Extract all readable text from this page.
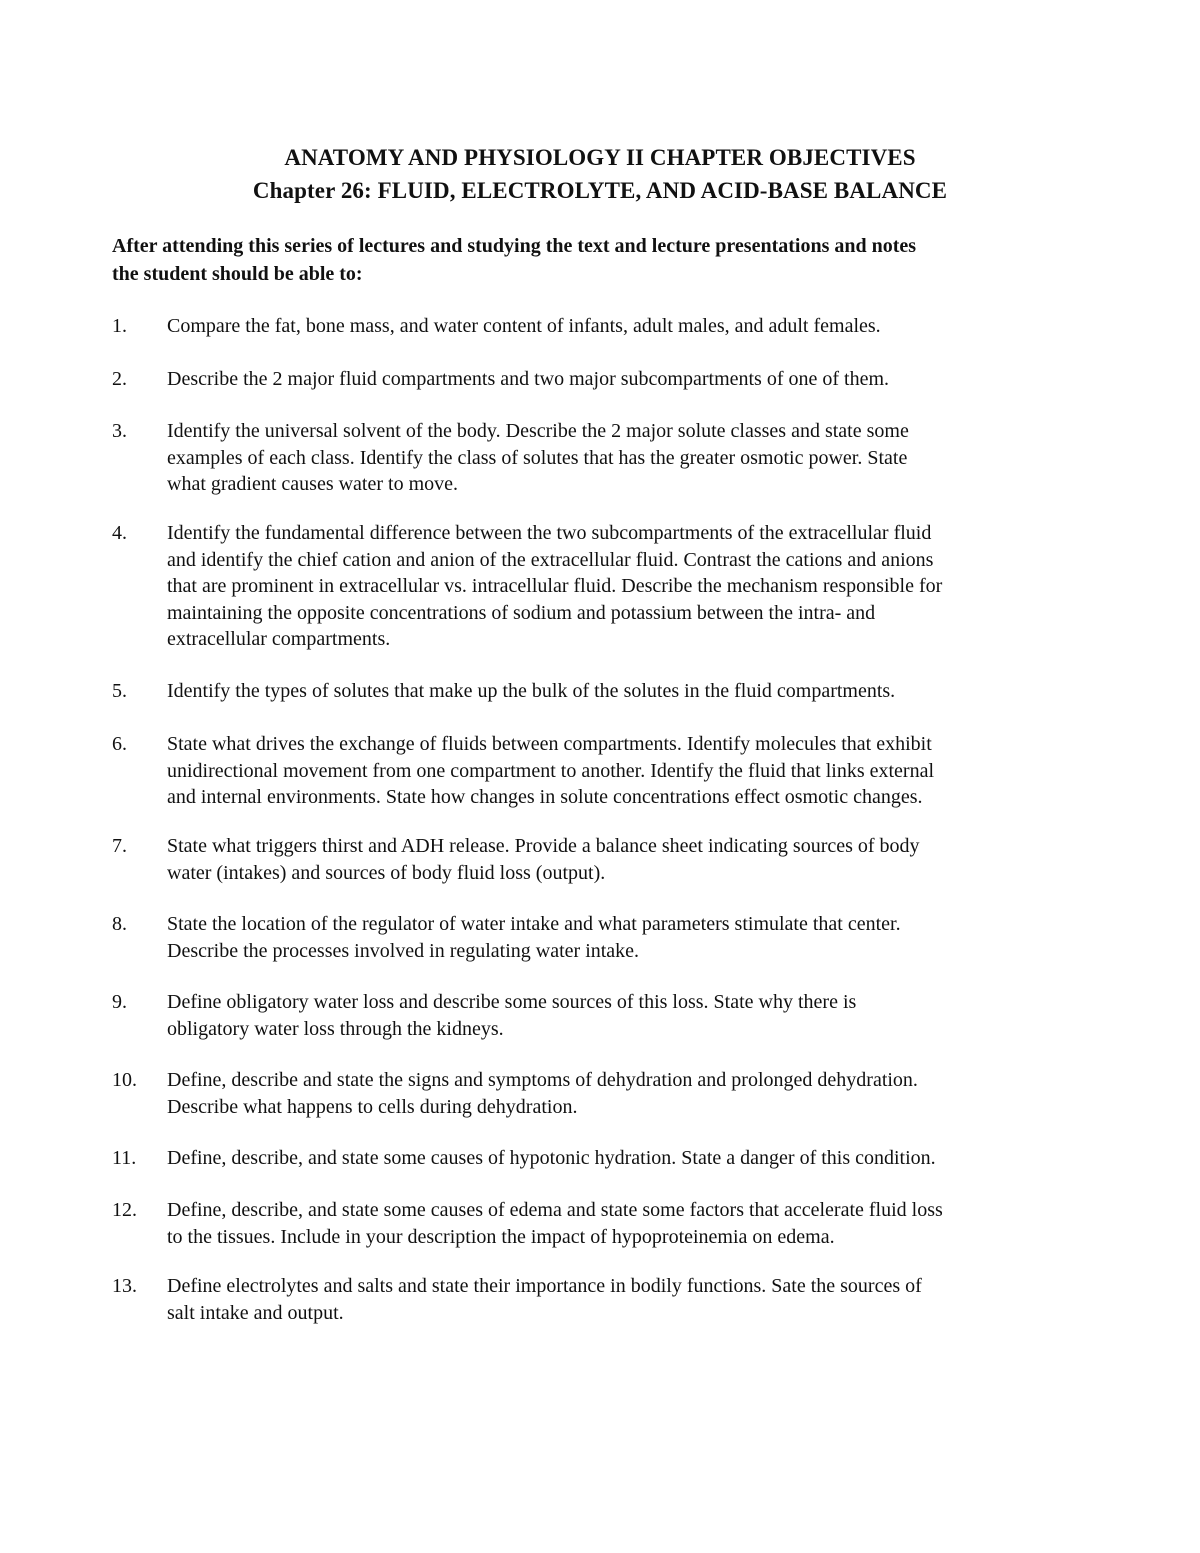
ANATOMY AND PHYSIOLOGY II CHAPTER OBJECTIVES
Chapter 26: FLUID, ELECTROLYTE, AND ACID-BASE BALANCE
After attending this series of lectures and studying the text and lecture presentations and notes
the student should be able to:
1.	Compare the fat, bone mass, and water content of infants, adult males, and adult females.
2.	Describe the 2 major fluid compartments and two major subcompartments of one of them.
3.	Identify the universal solvent of the body. Describe the 2 major solute classes and state some
examples of each class. Identify the class of solutes that has the greater osmotic power. State
what gradient causes water to move.
4.	Identify the fundamental difference between the two subcompartments of the extracellular fluid
and identify the chief cation and anion of the extracellular fluid. Contrast the cations and anions
that are prominent in extracellular vs. intracellular fluid. Describe the mechanism responsible for
maintaining the opposite concentrations of sodium and potassium between the intra- and
extracellular compartments.
5.	Identify the types of solutes that make up the bulk of the solutes in the fluid compartments.
6.	State what drives the exchange of fluids between compartments. Identify molecules that exhibit
unidirectional movement from one compartment to another. Identify the fluid that links external
and internal environments. State how changes in solute concentrations effect osmotic changes.
7.	State what triggers thirst and ADH release. Provide a balance sheet indicating sources of body
water (intakes) and sources of body fluid loss (output).
8.	State the location of the regulator of water intake and what parameters stimulate that center.
Describe the processes involved in regulating water intake.
9.	Define obligatory water loss and describe some sources of this loss. State why there is
obligatory water loss through the kidneys.
10.	Define, describe and state the signs and symptoms of dehydration and prolonged dehydration.
Describe what happens to cells during dehydration.
11.	Define, describe, and state some causes of hypotonic hydration. State a danger of this condition.
12.	Define, describe, and state some causes of edema and state some factors that accelerate fluid loss
to the tissues. Include in your description the impact of hypoproteinemia on edema.
13.	Define electrolytes and salts and state their importance in bodily functions. Sate the sources of
salt intake and output.
